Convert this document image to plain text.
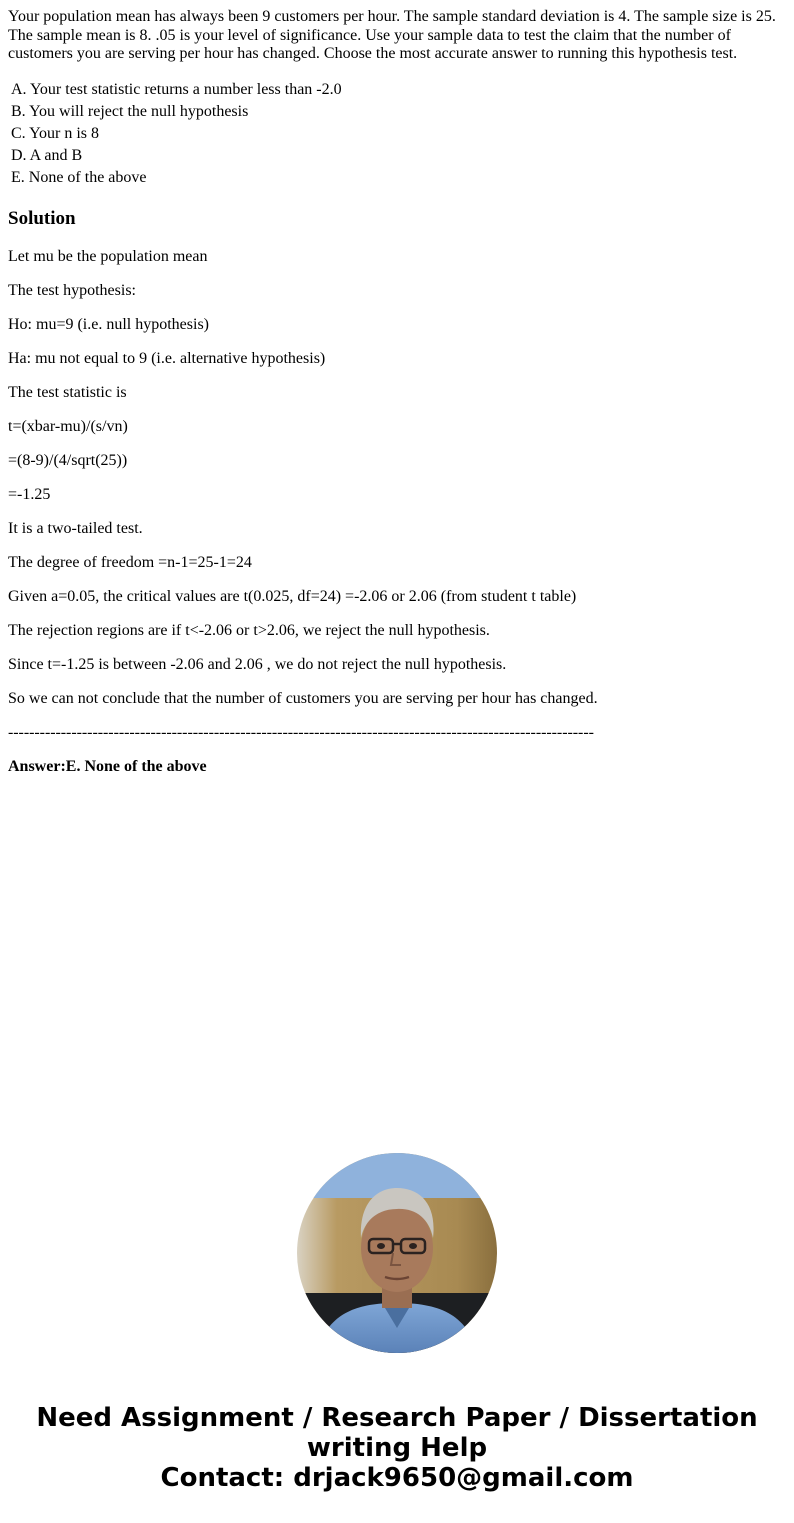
Your population mean has always been 9 customers per hour. The sample standard deviation is 4. The sample size is 25. The sample mean is 8. .05 is your level of significance. Use your sample data to test the claim that the number of customers you are serving per hour has changed. Choose the most accurate answer to running this hypothesis test.

A. Your test statistic returns a number less than -2.0
B. You will reject the null hypothesis
C. Your n is 8
D. A and B
E. None of the above
Solution
Let mu be the population mean
The test hypothesis:
Ho: mu=9 (i.e. null hypothesis)
Ha: mu not equal to 9 (i.e. alternative hypothesis)
The test statistic is
t=(xbar-mu)/(s/vn)
=(8-9)/(4/sqrt(25))
=-1.25
It is a two-tailed test.
The degree of freedom =n-1=25-1=24
Given a=0.05, the critical values are t(0.025, df=24) =-2.06 or 2.06 (from student t table)
The rejection regions are if t<-2.06 or t>2.06, we reject the null hypothesis.
Since t=-1.25 is between -2.06 and 2.06 , we do not reject the null hypothesis.
So we can not conclude that the number of customers you are serving per hour has changed.
---------------------------------------------------------------------------------------------------------------
Answer:E. None of the above
Need Assignment / Research Paper / Dissertation
writing Help
Contact: drjack9650@gmail.com
